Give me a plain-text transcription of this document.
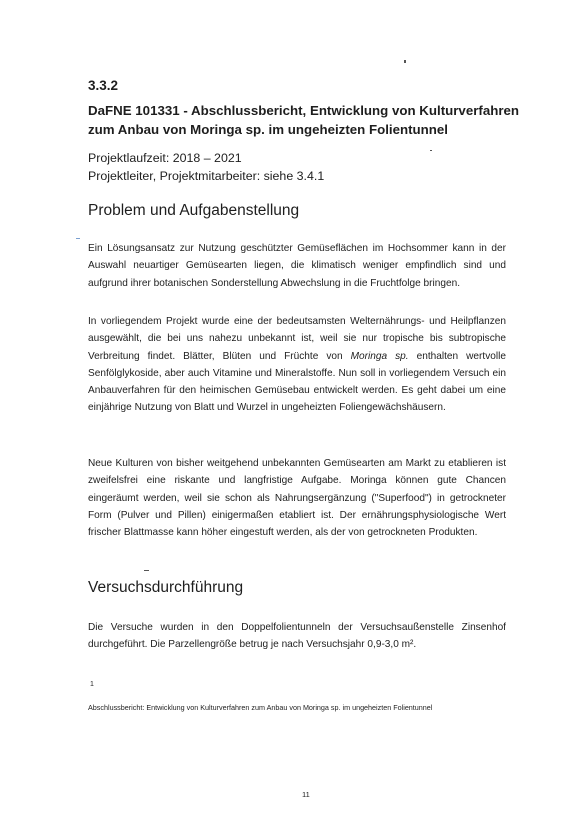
3.3.2
DaFNE 101331 - Abschlussbericht, Entwicklung von Kulturverfahren zum Anbau von Moringa sp. im ungeheizten Folientunnel
Projektlaufzeit: 2018 – 2021
Projektleiter, Projektmitarbeiter: siehe 3.4.1
Problem und Aufgabenstellung

Ein Lösungsansatz zur Nutzung geschützter Gemüseflächen im Hochsommer kann in der Auswahl neuartiger Gemüsearten liegen, die klimatisch weniger empfindlich sind und aufgrund ihrer botanischen Sonderstellung Abwechslung in die Fruchtfolge bringen.

In vorliegendem Projekt wurde eine der bedeutsamsten Welternährungs- und Heilpflanzen ausgewählt, die bei uns nahezu unbekannt ist, weil sie nur tropische bis subtropische Verbreitung findet. Blätter, Blüten und Früchte von Moringa sp. enthalten wertvolle Senfölglykoside, aber auch Vitamine und Mineralstoffe. Nun soll in vorliegendem Versuch ein Anbauverfahren für den heimischen Gemüsebau entwickelt werden. Es geht dabei um eine einjährige Nutzung von Blatt und Wurzel in ungeheizten Foliengewächshäusern.

Neue Kulturen von bisher weitgehend unbekannten Gemüsearten am Markt zu etablieren ist zweifelsfrei eine riskante und langfristige Aufgabe. Moringa können gute Chancen eingeräumt werden, weil sie schon als Nahrungsergänzung ("Superfood") in getrockneter Form (Pulver und Pillen) einigermaßen etabliert ist. Der ernährungsphysiologische Wert frischer Blattmasse kann höher eingestuft werden, als der von getrockneten Produkten.

Versuchsdurchführung

Die Versuche wurden in den Doppelfolientunneln der Versuchsaußenstelle Zinsenhof durchgeführt. Die Parzellengröße betrug je nach Versuchsjahr 0,9-3,0 m².

1
Abschlussbericht: Entwicklung von Kulturverfahren zum Anbau von Moringa sp. im ungeheizten Folientunnel
11
